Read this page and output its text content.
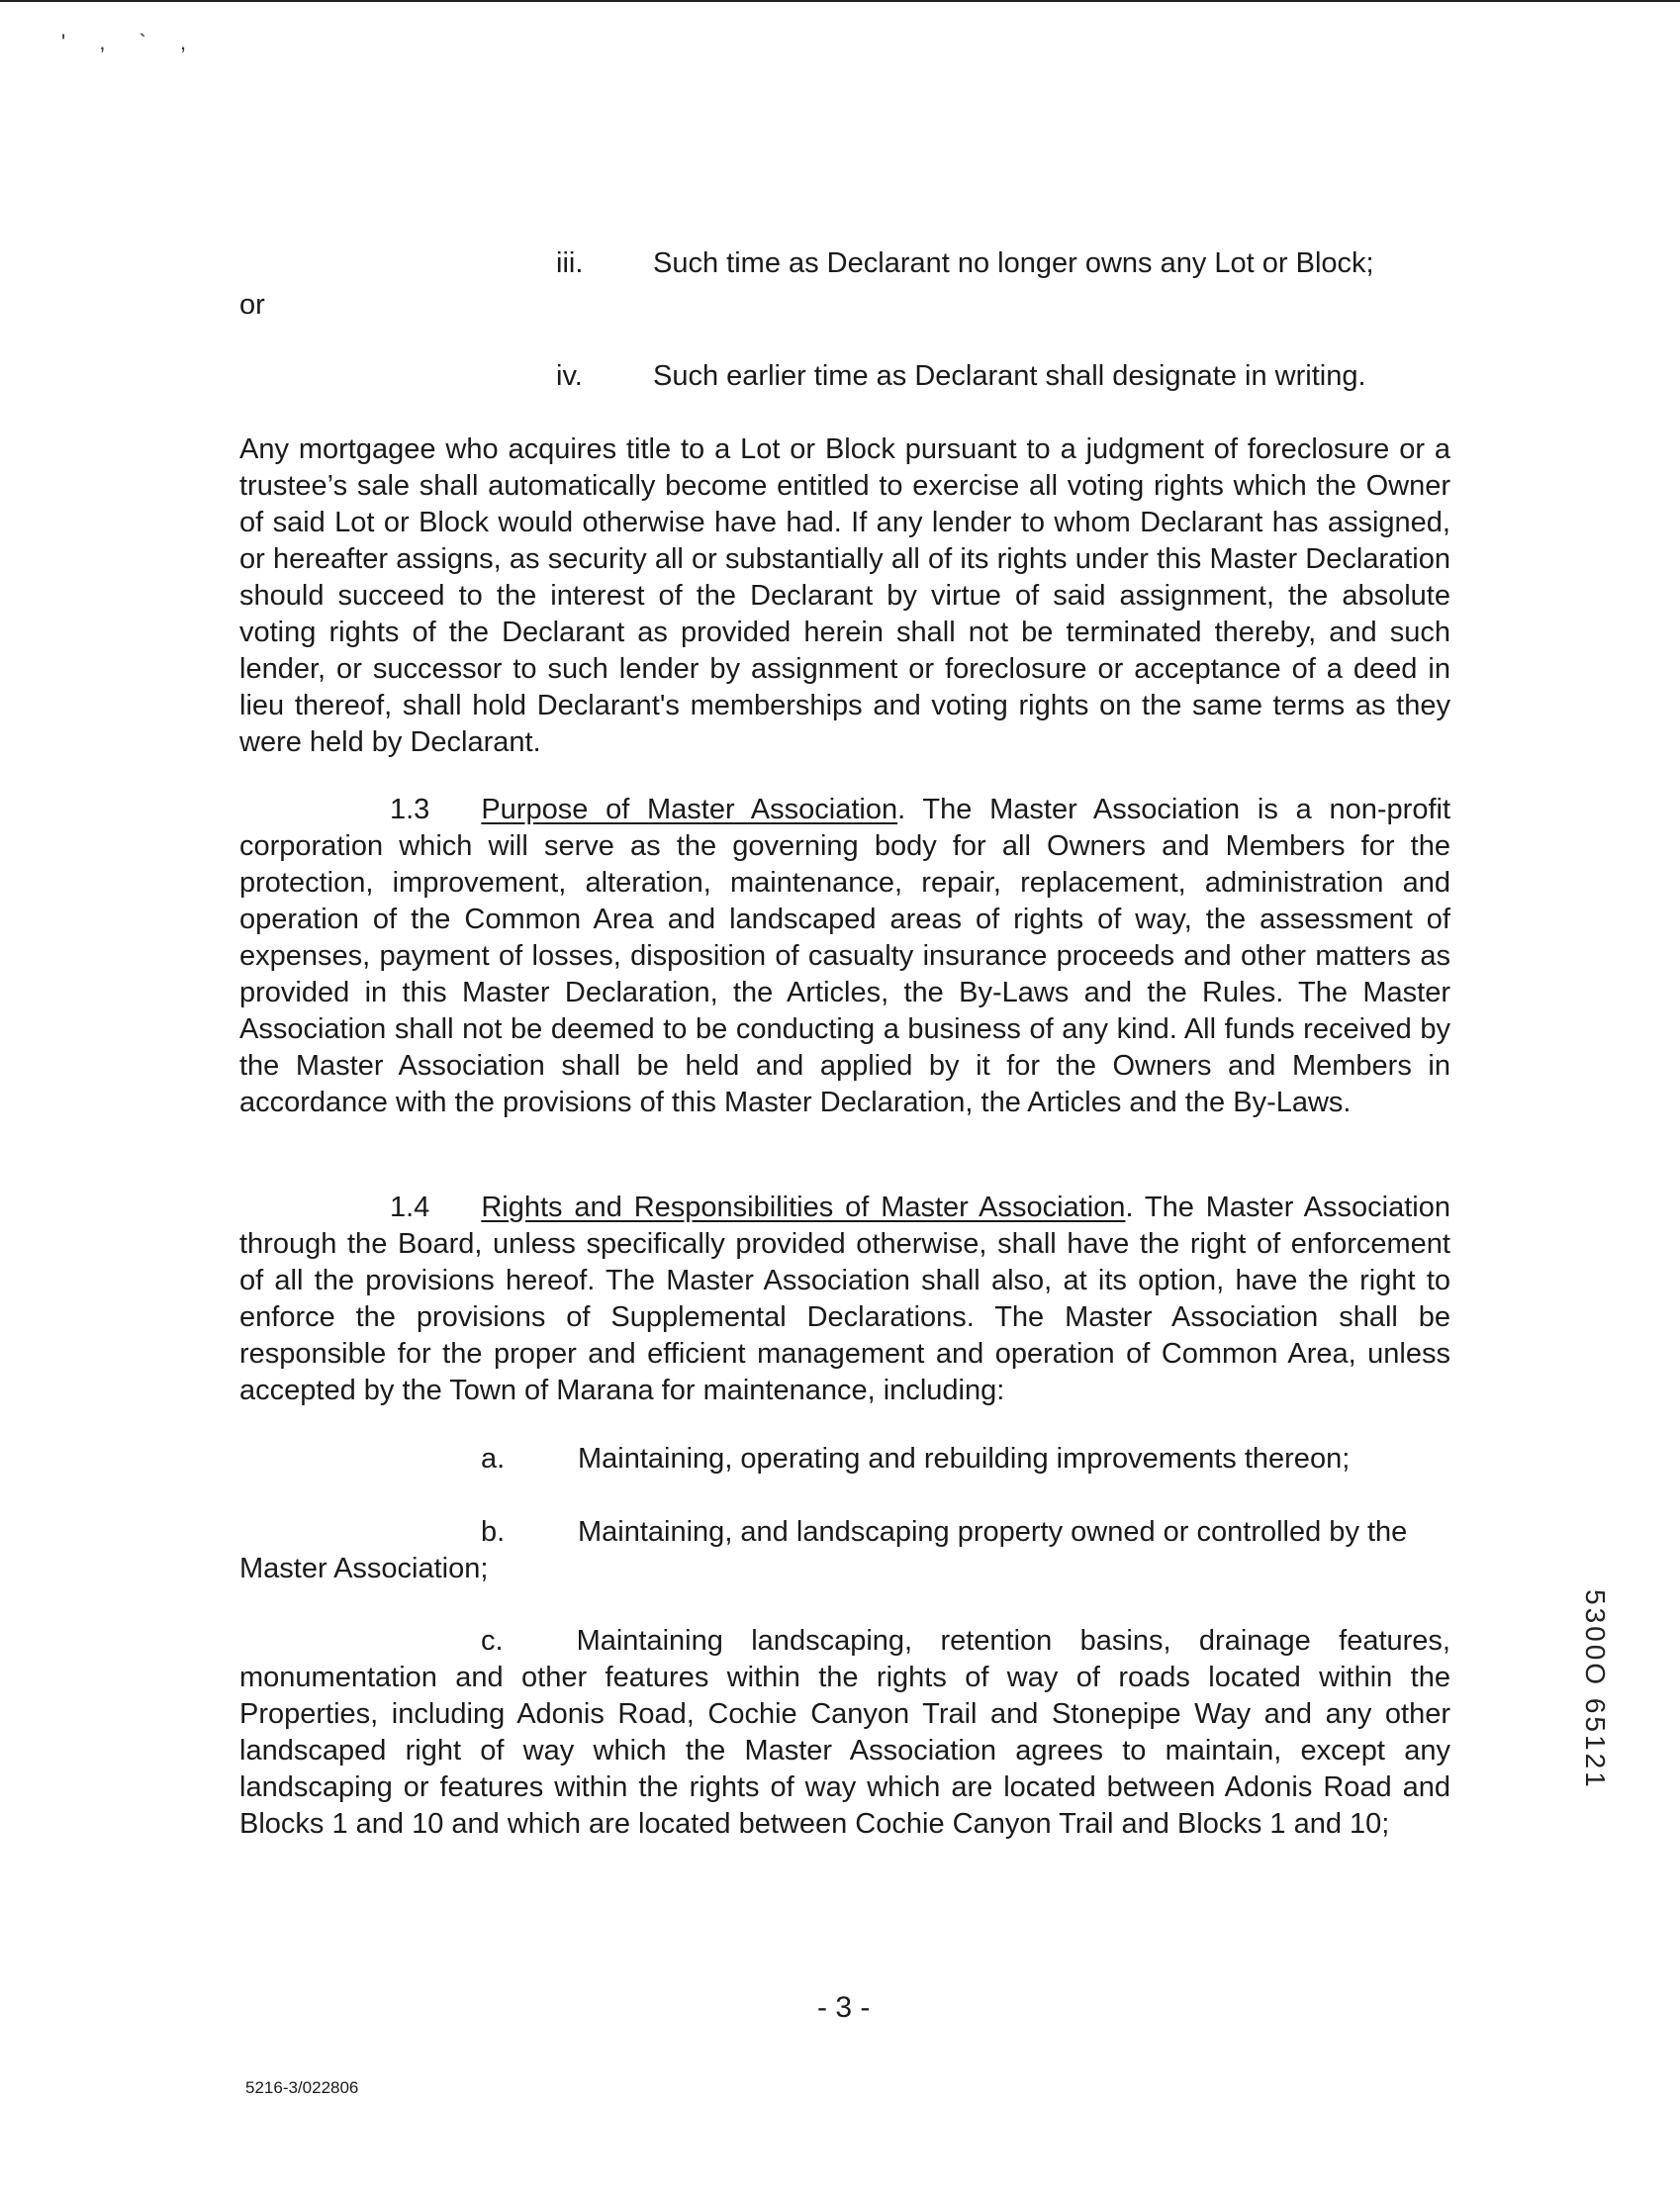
' , ` ,
iii. Such time as Declarant no longer owns any Lot or Block;
or
iv. Such earlier time as Declarant shall designate in writing.

Any mortgagee who acquires title to a Lot or Block pursuant to a judgment of foreclosure or a trustee’s sale shall automatically become entitled to exercise all voting rights which the Owner of said Lot or Block would otherwise have had. If any lender to whom Declarant has assigned, or hereafter assigns, as security all or substantially all of its rights under this Master Declaration should succeed to the interest of the Declarant by virtue of said assignment, the absolute voting rights of the Declarant as provided herein shall not be terminated thereby, and such lender, or successor to such lender by assignment or foreclosure or acceptance of a deed in lieu thereof, shall hold Declarant's memberships and voting rights on the same terms as they were held by Declarant.

1.3 Purpose of Master Association. The Master Association is a non-profit corporation which will serve as the governing body for all Owners and Members for the protection, improvement, alteration, maintenance, repair, replacement, administration and operation of the Common Area and landscaped areas of rights of way, the assessment of expenses, payment of losses, disposition of casualty insurance proceeds and other matters as provided in this Master Declaration, the Articles, the By-Laws and the Rules. The Master Association shall not be deemed to be conducting a business of any kind. All funds received by the Master Association shall be held and applied by it for the Owners and Members in accordance with the provisions of this Master Declaration, the Articles and the By-Laws.

1.4 Rights and Responsibilities of Master Association. The Master Association through the Board, unless specifically provided otherwise, shall have the right of enforcement of all the provisions hereof. The Master Association shall also, at its option, have the right to enforce the provisions of Supplemental Declarations. The Master Association shall be responsible for the proper and efficient management and operation of Common Area, unless accepted by the Town of Marana for maintenance, including:

a.	Maintaining, operating and rebuilding improvements thereon;
b.	Maintaining, and landscaping property owned or controlled by the
Master Association;

c.	Maintaining landscaping, retention basins, drainage features, monumentation and other features within the rights of way of roads located within the Properties, including Adonis Road, Cochie Canyon Trail and Stonepipe Way and any other landscaped right of way which the Master Association agrees to maintain, except any landscaping or features within the rights of way which are located between Adonis Road and Blocks 1 and 10 and which are located between Cochie Canyon Trail and Blocks 1 and 10;

5300O 65121
- 3 -
5216-3/022806
